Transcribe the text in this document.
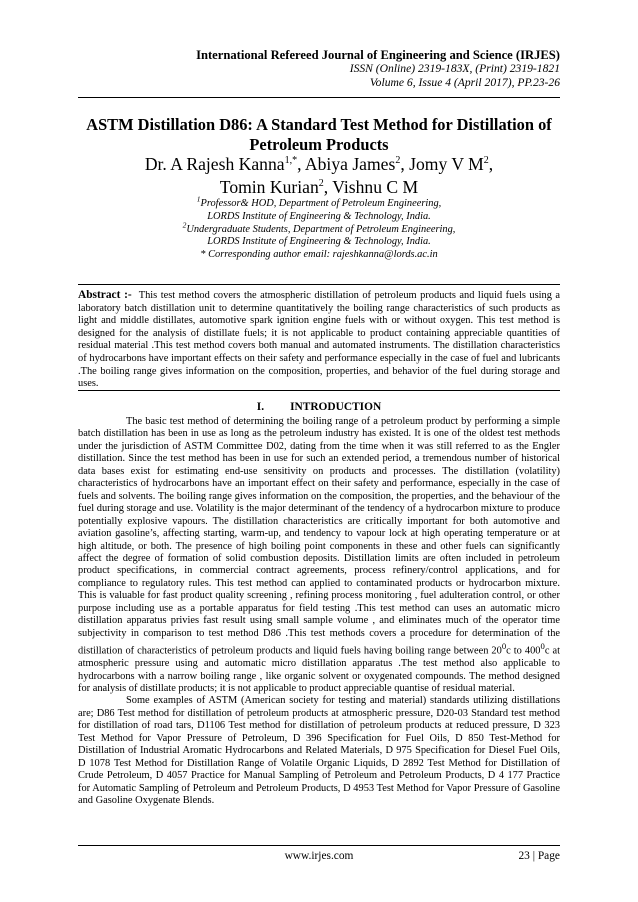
International Refereed Journal of Engineering and Science (IRJES)
ISSN (Online) 2319-183X, (Print) 2319-1821
Volume 6, Issue 4 (April 2017), PP.23-26
ASTM Distillation D86: A Standard Test Method for Distillation of Petroleum Products
Dr. A Rajesh Kanna$^{1,*}$, Abiya James$^2$, Jomy V $M^2$,
Tomin Kurian$^2$, Vishnu C M
$^1$Professor& HOD, Department of Petroleum Engineering,
LORDS Institute of Engineering & Technology, India.
$^2$Undergraduate Students, Department of Petroleum Engineering,
LORDS Institute of Engineering & Technology, India.
* Corresponding author email: rajeshkanna@lords.ac.in
Abstract :- This test method covers the atmospheric distillation of petroleum products and liquid fuels using a laboratory batch distillation unit to determine quantitatively the boiling range characteristics of such products as light and middle distillates, automotive spark ignition engine fuels with or without oxygen. This test method is designed for the analysis of distillate fuels; it is not applicable to product containing appreciable quantities of residual material .This test method covers both manual and automated instruments. The distillation characteristics of hydrocarbons have important effects on their safety and performance especially in the case of fuel and lubricants .The boiling range gives information on the composition, properties, and behavior of the fuel during storage and uses.
I. INTRODUCTION

The basic test method of determining the boiling range of a petroleum product by performing a simple batch distillation has been in use as long as the petroleum industry has existed. It is one of the oldest test methods under the jurisdiction of ASTM Committee D02, dating from the time when it was still referred to as the Engler distillation. Since the test method has been in use for such an extended period, a tremendous number of historical data bases exist for estimating end-use sensitivity on products and processes. The distillation (volatility) characteristics of hydrocarbons have an important effect on their safety and performance, especially in the case of fuels and solvents. The boiling range gives information on the composition, the properties, and the behaviour of the fuel during storage and use. Volatility is the major determinant of the tendency of a hydrocarbon mixture to produce potentially explosive vapours. The distillation characteristics are critically important for both automotive and aviation gasoline’s, affecting starting, warm-up, and tendency to vapour lock at high operating temperature or at high altitude, or both. The presence of high boiling point components in these and other fuels can significantly affect the degree of formation of solid combustion deposits. Distillation limits are often included in petroleum product specifications, in commercial contract agreements, process refinery/control applications, and for compliance to regulatory rules. This test method can applied to contaminated products or hydrocarbon mixture. This is valuable for fast product quality screening , refining process monitoring , fuel adulteration control, or other purpose including use as a portable apparatus for field testing .This test method can uses an automatic micro distillation apparatus privies fast result using small sample volume , and eliminates much of the operator time subjectivity in comparison to test method D86 .This test methods covers a procedure for determination of the distillation of characteristics of petroleum products and liquid fuels having boiling range between $20^0c$ to $400^0c$ at atmospheric pressure using and automatic micro distillation apparatus .The test method also applicable to hydrocarbons with a narrow boiling range , like organic solvent or oxygenated compounds. The method designed for analysis of distillate products; it is not applicable to product appreciable quantise of residual material.

Some examples of ASTM (American society for testing and material) standards utilizing distillations are; D86 Test method for distillation of petroleum products at atmospheric pressure, D20-03 Standard test method for distillation of road tars, D1106 Test method for distillation of petroleum products at reduced pressure, D 323 Test Method for Vapor Pressure of Petroleum, D 396 Specification for Fuel Oils, D 850 Test-Method for Distillation of Industrial Aromatic Hydrocarbons and Related Materials, D 975 Specification for Diesel Fuel Oils, D 1078 Test Method for Distillation Range of Volatile Organic Liquids, D 2892 Test Method for Distillation of Crude Petroleum, D 4057 Practice for Manual Sampling of Petroleum and Petroleum Products, D 4 177 Practice for Automatic Sampling of Petroleum and Petroleum Products, D 4953 Test Method for Vapor Pressure of Gasoline and Gasoline Oxygenate Blends.

www.irjes.com	23 | Page
